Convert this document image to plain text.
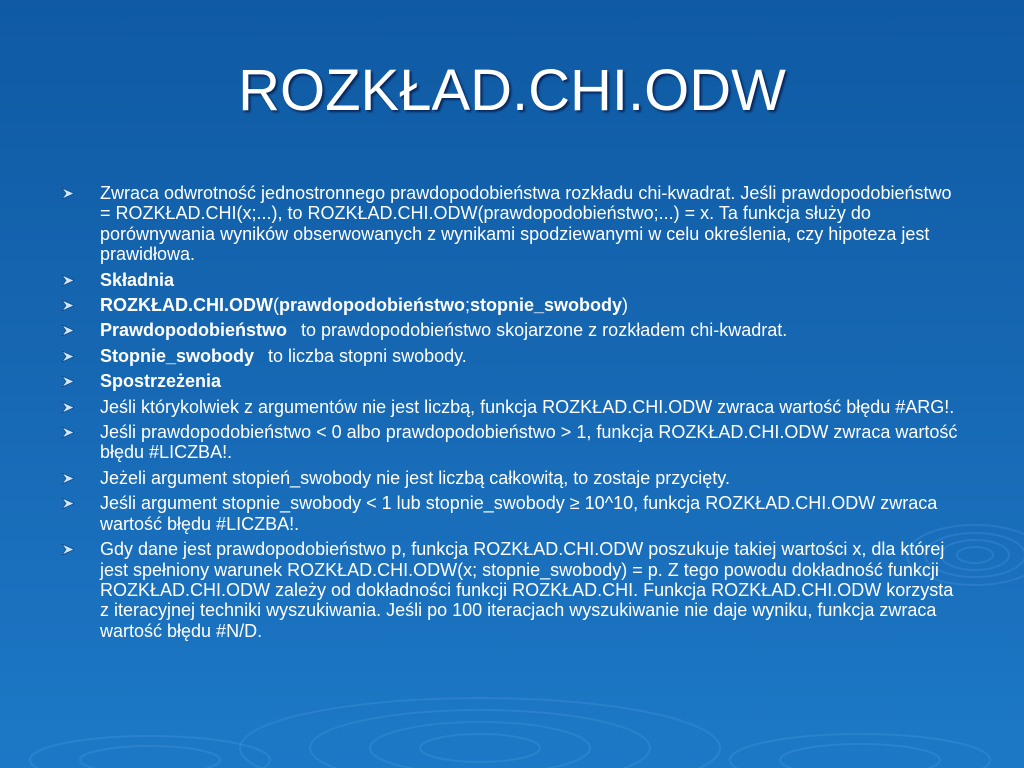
ROZKŁAD.CHI.ODW
Zwraca odwrotność jednostronnego prawdopodobieństwa rozkładu chi-kwadrat. Jeśli prawdopodobieństwo = ROZKŁAD.CHI(x;...), to ROZKŁAD.CHI.ODW(prawdopodobieństwo;...) = x. Ta funkcja służy do porównywania wyników obserwowanych z wynikami spodziewanymi w celu określenia, czy hipoteza jest prawidłowa.
Składnia
ROZKŁAD.CHI.ODW(prawdopodobieństwo;stopnie_swobody)
Prawdopodobieństwo to prawdopodobieństwo skojarzone z rozkładem chi-kwadrat.
Stopnie_swobody to liczba stopni swobody.
Spostrzeżenia
Jeśli którykolwiek z argumentów nie jest liczbą, funkcja ROZKŁAD.CHI.ODW zwraca wartość błędu #ARG!.
Jeśli prawdopodobieństwo < 0 albo prawdopodobieństwo > 1, funkcja ROZKŁAD.CHI.ODW zwraca wartość błędu #LICZBA!.
Jeżeli argument stopień_swobody nie jest liczbą całkowitą, to zostaje przycięty.
Jeśli argument stopnie_swobody < 1 lub stopnie_swobody ≥ 10^10, funkcja ROZKŁAD.CHI.ODW zwraca wartość błędu #LICZBA!.
Gdy dane jest prawdopodobieństwo p, funkcja ROZKŁAD.CHI.ODW poszukuje takiej wartości x, dla której jest spełniony warunek ROZKŁAD.CHI.ODW(x; stopnie_swobody) = p. Z tego powodu dokładność funkcji ROZKŁAD.CHI.ODW zależy od dokładności funkcji ROZKŁAD.CHI. Funkcja ROZKŁAD.CHI.ODW korzysta z iteracyjnej techniki wyszukiwania. Jeśli po 100 iteracjach wyszukiwanie nie daje wyniku, funkcja zwraca wartość błędu #N/D.
